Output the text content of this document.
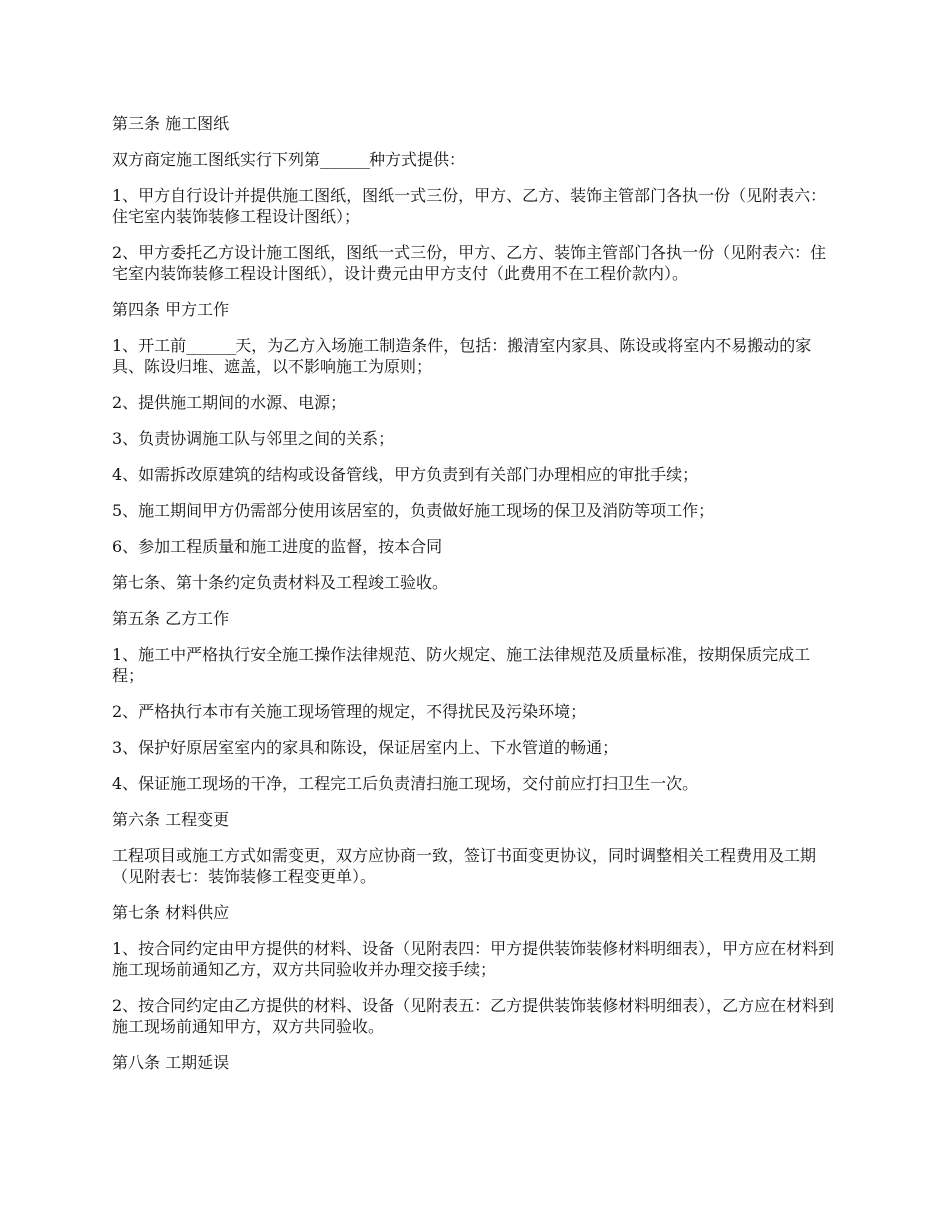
第三条 施工图纸

双方商定施工图纸实行下列第_______种方式提供：

1、甲方自行设计并提供施工图纸，图纸一式三份，甲方、乙方、装饰主管部门各执一份（见附表六：住宅室内装饰装修工程设计图纸）；

2、甲方委托乙方设计施工图纸，图纸一式三份，甲方、乙方、装饰主管部门各执一份（见附表六：住宅室内装饰装修工程设计图纸），设计费元由甲方支付（此费用不在工程价款内）。

第四条 甲方工作

1、开工前_______天，为乙方入场施工制造条件，包括：搬清室内家具、陈设或将室内不易搬动的家具、陈设归堆、遮盖，以不影响施工为原则；

2、提供施工期间的水源、电源；

3、负责协调施工队与邻里之间的关系；

4、如需拆改原建筑的结构或设备管线，甲方负责到有关部门办理相应的审批手续；

5、施工期间甲方仍需部分使用该居室的，负责做好施工现场的保卫及消防等项工作；

6、参加工程质量和施工进度的监督，按本合同

第七条、第十条约定负责材料及工程竣工验收。

第五条 乙方工作

1、施工中严格执行安全施工操作法律规范、防火规定、施工法律规范及质量标准，按期保质完成工程；

2、严格执行本市有关施工现场管理的规定，不得扰民及污染环境；

3、保护好原居室室内的家具和陈设，保证居室内上、下水管道的畅通；

4、保证施工现场的干净，工程完工后负责清扫施工现场，交付前应打扫卫生一次。

第六条 工程变更

工程项目或施工方式如需变更，双方应协商一致，签订书面变更协议，同时调整相关工程费用及工期（见附表七：装饰装修工程变更单）。

第七条 材料供应

1、按合同约定由甲方提供的材料、设备（见附表四：甲方提供装饰装修材料明细表），甲方应在材料到施工现场前通知乙方，双方共同验收并办理交接手续；

2、按合同约定由乙方提供的材料、设备（见附表五：乙方提供装饰装修材料明细表），乙方应在材料到施工现场前通知甲方，双方共同验收。

第八条 工期延误
